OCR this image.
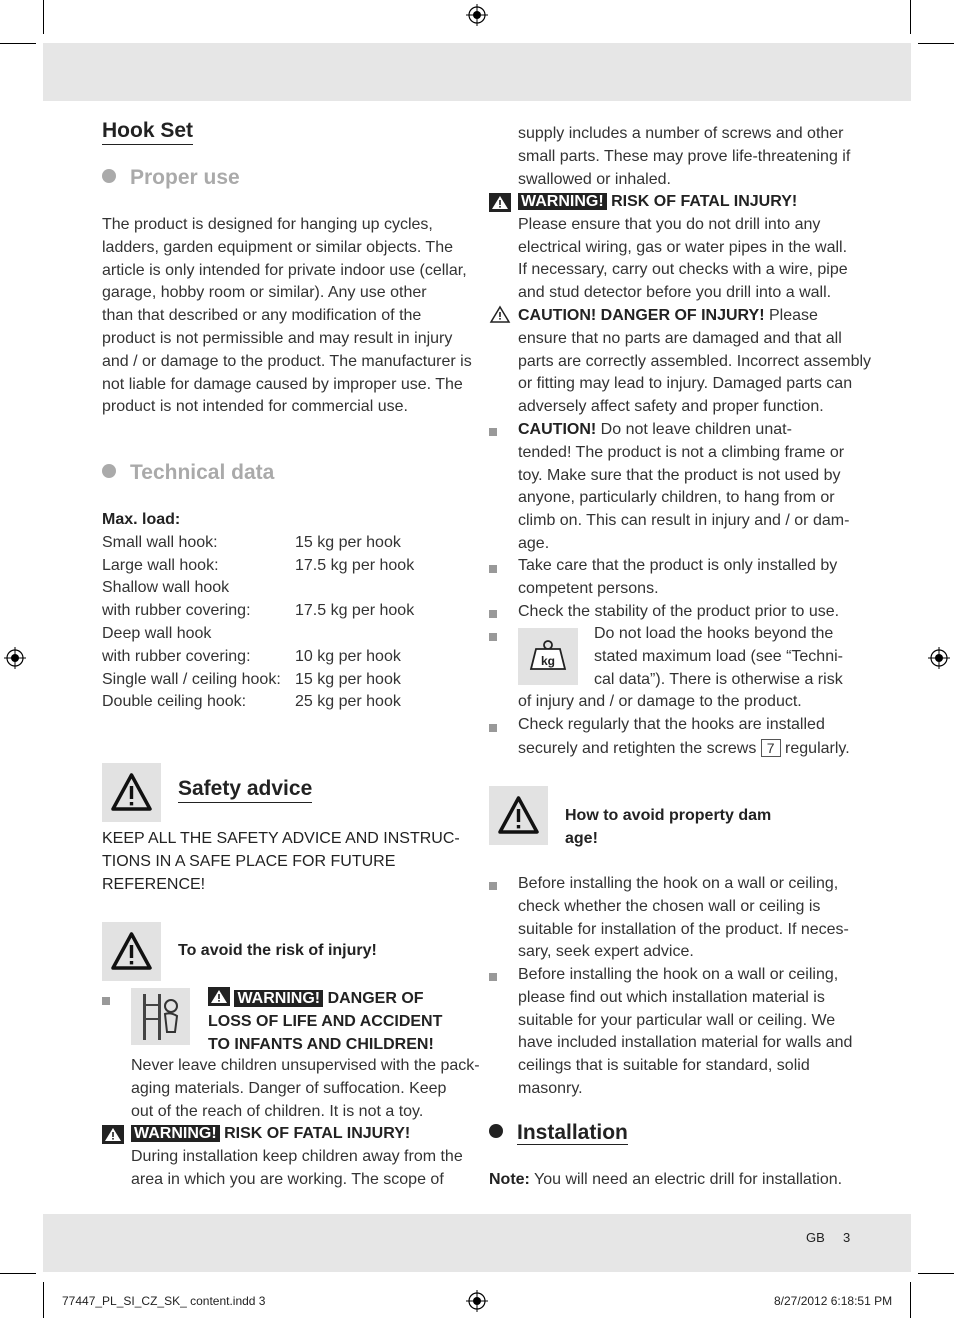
Hook Set
Proper use
The product is designed for hanging up cycles,
ladders, garden equipment or similar objects. The
article is only intended for private indoor use (cellar,
garage, hobby room or similar). Any use other
than that described or any modification of the
product is not permissible and may result in injury
and / or damage to the product. The manufacturer is
not liable for damage caused by improper use. The
product is not intended for commercial use.
Technical data
Max. load:
Small wall hook:	15 kg per hook
Large wall hook:	17.5 kg per hook
Shallow wall hook
with rubber covering:	17.5 kg per hook
Deep wall hook
with rubber covering:	10 kg per hook
Single wall / ceiling hook: 15 kg per hook
Double ceiling hook:	25 kg per hook
Safety advice
KEEP ALL THE SAFETY ADVICE AND INSTRUC-
TIONS IN A SAFE PLACE FOR FUTURE
REFERENCE!
To avoid the risk of injury!
WARNING! DANGER OF
LOSS OF LIFE AND ACCIDENT
TO INFANTS AND CHILDREN!
Never leave children unsupervised with the pack-
aging materials. Danger of suffocation. Keep
out of the reach of children. It is not a toy.
WARNING! RISK OF FATAL INJURY!
During installation keep children away from the
area in which you are working. The scope of
supply includes a number of screws and other
small parts. These may prove life-threatening if
swallowed or inhaled.
WARNING! RISK OF FATAL INJURY!
Please ensure that you do not drill into any
electrical wiring, gas or water pipes in the wall.
If necessary, carry out checks with a wire, pipe
and stud detector before you drill into a wall.
CAUTION! DANGER OF INJURY! Please
ensure that no parts are damaged and that all
parts are correctly assembled. Incorrect assembly
or fitting may lead to injury. Damaged parts can
adversely affect safety and proper function.
CAUTION! Do not leave children unat-
tended! The product is not a climbing frame or
toy. Make sure that the product is not used by
anyone, particularly children, to hang from or
climb on. This can result in injury and / or dam-
age.
Take care that the product is only installed by
competent persons.
Check the stability of the product prior to use.
kg
Do not load the hooks beyond the
stated maximum load (see “Techni-
cal data”). There is otherwise a risk
of injury and / or damage to the product.
Check regularly that the hooks are installed
securely and retighten the screws 7 regularly.
How to avoid property dam
age!
Before installing the hook on a wall or ceiling,
check whether the chosen wall or ceiling is
suitable for installation of the product. If neces-
sary, seek expert advice.
Before installing the hook on a wall or ceiling,
please find out which installation material is
suitable for your particular wall or ceiling. We
have included installation material for walls and
ceilings that is suitable for standard, solid
masonry.
Installation
Note: You will need an electric drill for installation.
GB 3
77447_PL_SI_CZ_SK_ content.indd 3	8/27/2012 6:18:51 PM
